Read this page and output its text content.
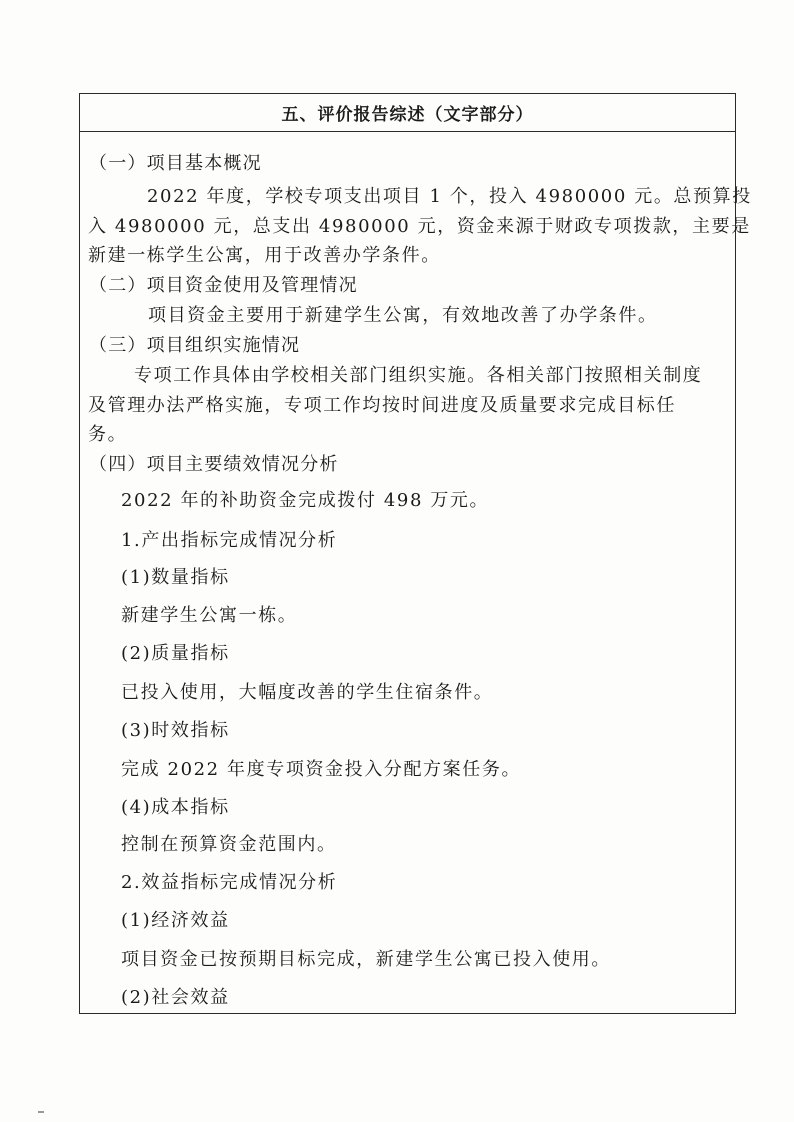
五、评价报告综述（文字部分）
（一）项目基本概况
2022 年度，学校专项支出项目 1 个，投入 4980000 元。总预算投
入 4980000 元，总支出 4980000 元，资金来源于财政专项拨款，主要是
新建一栋学生公寓，用于改善办学条件。
（二）项目资金使用及管理情况
项目资金主要用于新建学生公寓，有效地改善了办学条件。
（三）项目组织实施情况
专项工作具体由学校相关部门组织实施。各相关部门按照相关制度
及管理办法严格实施，专项工作均按时间进度及质量要求完成目标任
务。
（四）项目主要绩效情况分析
2022 年的补助资金完成拨付 498 万元。
1.产出指标完成情况分析
(1)数量指标
新建学生公寓一栋。
(2)质量指标
已投入使用，大幅度改善的学生住宿条件。
(3)时效指标
完成 2022 年度专项资金投入分配方案任务。
(4)成本指标
控制在预算资金范围内。
2.效益指标完成情况分析
(1)经济效益
项目资金已按预期目标完成，新建学生公寓已投入使用。
(2)社会效益
